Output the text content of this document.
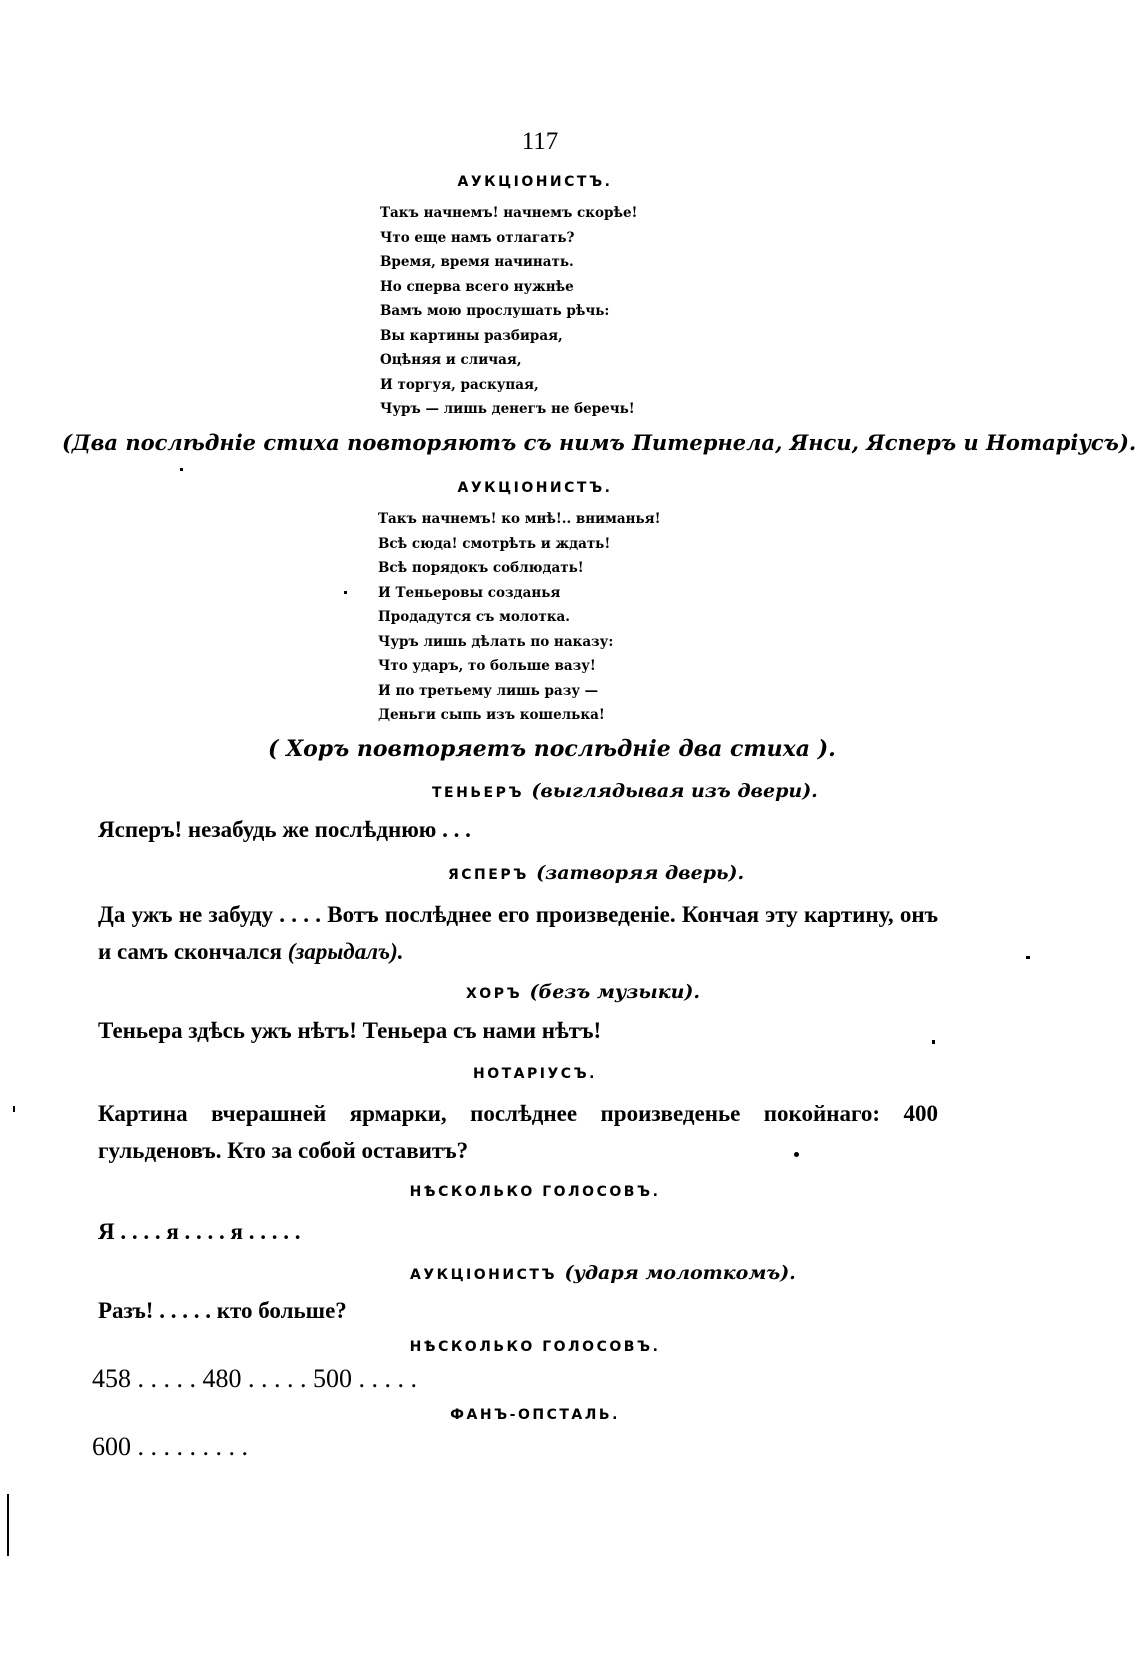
117
АУКЦІОНИСТЪ.
Такъ начнемъ! начнемъ скорѣе!
Что еще намъ отлагать?
Время, время начинать.
Но сперва всего нужнѣе
Вамъ мою прослушать рѣчь:
Вы картины разбирая,
Оцѣняя и сличая,
И торгуя, раскупая,
Чуръ — лишь денегъ не беречь!
(Два послѣдніе стиха повторяютъ съ нимъ Питернела, Янси, Ясперъ и Нотаріусъ).
АУКЦІОНИСТЪ.
Такъ начнемъ! ко мнѣ!.. вниманья!
Всѣ сюда! смотрѣть и ждать!
Всѣ порядокъ соблюдать!
И Теньеровы созданья
Продадутся съ молотка.
Чуръ лишь дѣлать по наказу:
Что ударъ, то больше вазу!
И по третьему лишь разу —
Деньги сыпь изъ кошелька!
( Хоръ повторяетъ послѣдніе два стиха ).
ТЕНЬЕРЪ (выглядывая изъ двери).
Ясперъ! незабудь же послѣднюю . . .
ЯСПЕРЪ (затворяя дверь).
Да ужъ не забуду . . . . Вотъ послѣднее его произведеніе. Кончая эту картину, онъ и самъ скончался (зарыдалъ).
ХОРЪ (безъ музыки).
Теньера здѣсь ужъ нѣтъ! Теньера съ нами нѣтъ!
НОТАРІУСЪ.
Картина вчерашней ярмарки, послѣднее произведенье покойнаго: 400 гульденовъ. Кто за собой оставитъ?
НѢСКОЛЬКО ГОЛОСОВЪ.
Я . . . . я . . . . я . . . . .
АУКЦІОНИСТЪ (ударя молоткомъ).
Разъ! . . . . . кто больше?
НѢСКОЛЬКО ГОЛОСОВЪ.
458 . . . . . 480 . . . . . 500 . . . . .
ФАНЪ-ОПСТАЛЬ.
600 . . . . . . . . .
